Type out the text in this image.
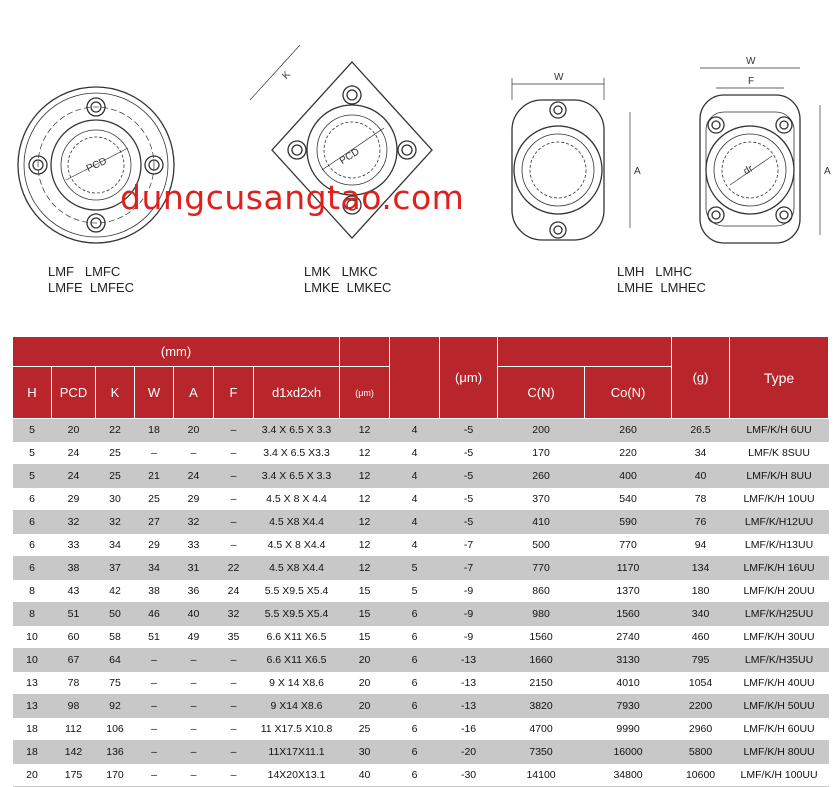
PCD	PCD
K	W
A
W
F
A
dr
LMF   LMFC
LMFE  LMFEC
LMK   LMKC
LMKE  LMKEC
LMH   LMHC
LMHE  LMHEC
dungcusangtao.com
(mm)									(μm)			(g)	Type
H	PCD	K	W	A	F	d1xd2xh	(μm)			C(N)	Co(N)		
5	20	22	18	20	–	3.4 X 6.5 X 3.3	12	4	-5	200	260	26.5	LMF/K/H 6UU
5	24	25	–	–	–	3.4 X 6.5 X3.3	12	4	-5	170	220	34	LMF/K 8SUU
5	24	25	21	24	–	3.4 X 6.5 X 3.3	12	4	-5	260	400	40	LMF/K/H 8UU
6	29	30	25	29	–	4.5 X 8 X 4.4	12	4	-5	370	540	78	LMF/K/H 10UU
6	32	32	27	32	–	4.5 X8 X4.4	12	4	-5	410	590	76	LMF/K/H12UU
6	33	34	29	33	–	4.5 X 8 X4.4	12	4	-7	500	770	94	LMF/K/H13UU
6	38	37	34	31	22	4.5 X8 X4.4	12	5	-7	770	1170	134	LMF/K/H 16UU
8	43	42	38	36	24	5.5 X9.5 X5.4	15	5	-9	860	1370	180	LMF/K/H 20UU
8	51	50	46	40	32	5.5 X9.5 X5.4	15	6	-9	980	1560	340	LMF/K/H25UU
10	60	58	51	49	35	6.6 X11 X6.5	15	6	-9	1560	2740	460	LMF/K/H 30UU
10	67	64	–	–	–	6.6 X11 X6.5	20	6	-13	1660	3130	795	LMF/K/H35UU
13	78	75	–	–	–	9 X 14 X8.6	20	6	-13	2150	4010	1054	LMF/K/H 40UU
13	98	92	–	–	–	9 X14 X8.6	20	6	-13	3820	7930	2200	LMF/K/H 50UU
18	112	106	–	–	–	11 X17.5 X10.8	25	6	-16	4700	9990	2960	LMF/K/H 60UU
18	142	136	–	–	–	11X17X11.1	30	6	-20	7350	16000	5800	LMF/K/H 80UU
20	175	170	–	–	–	14X20X13.1	40	6	-30	14100	34800	10600	LMF/K/H 100UU
